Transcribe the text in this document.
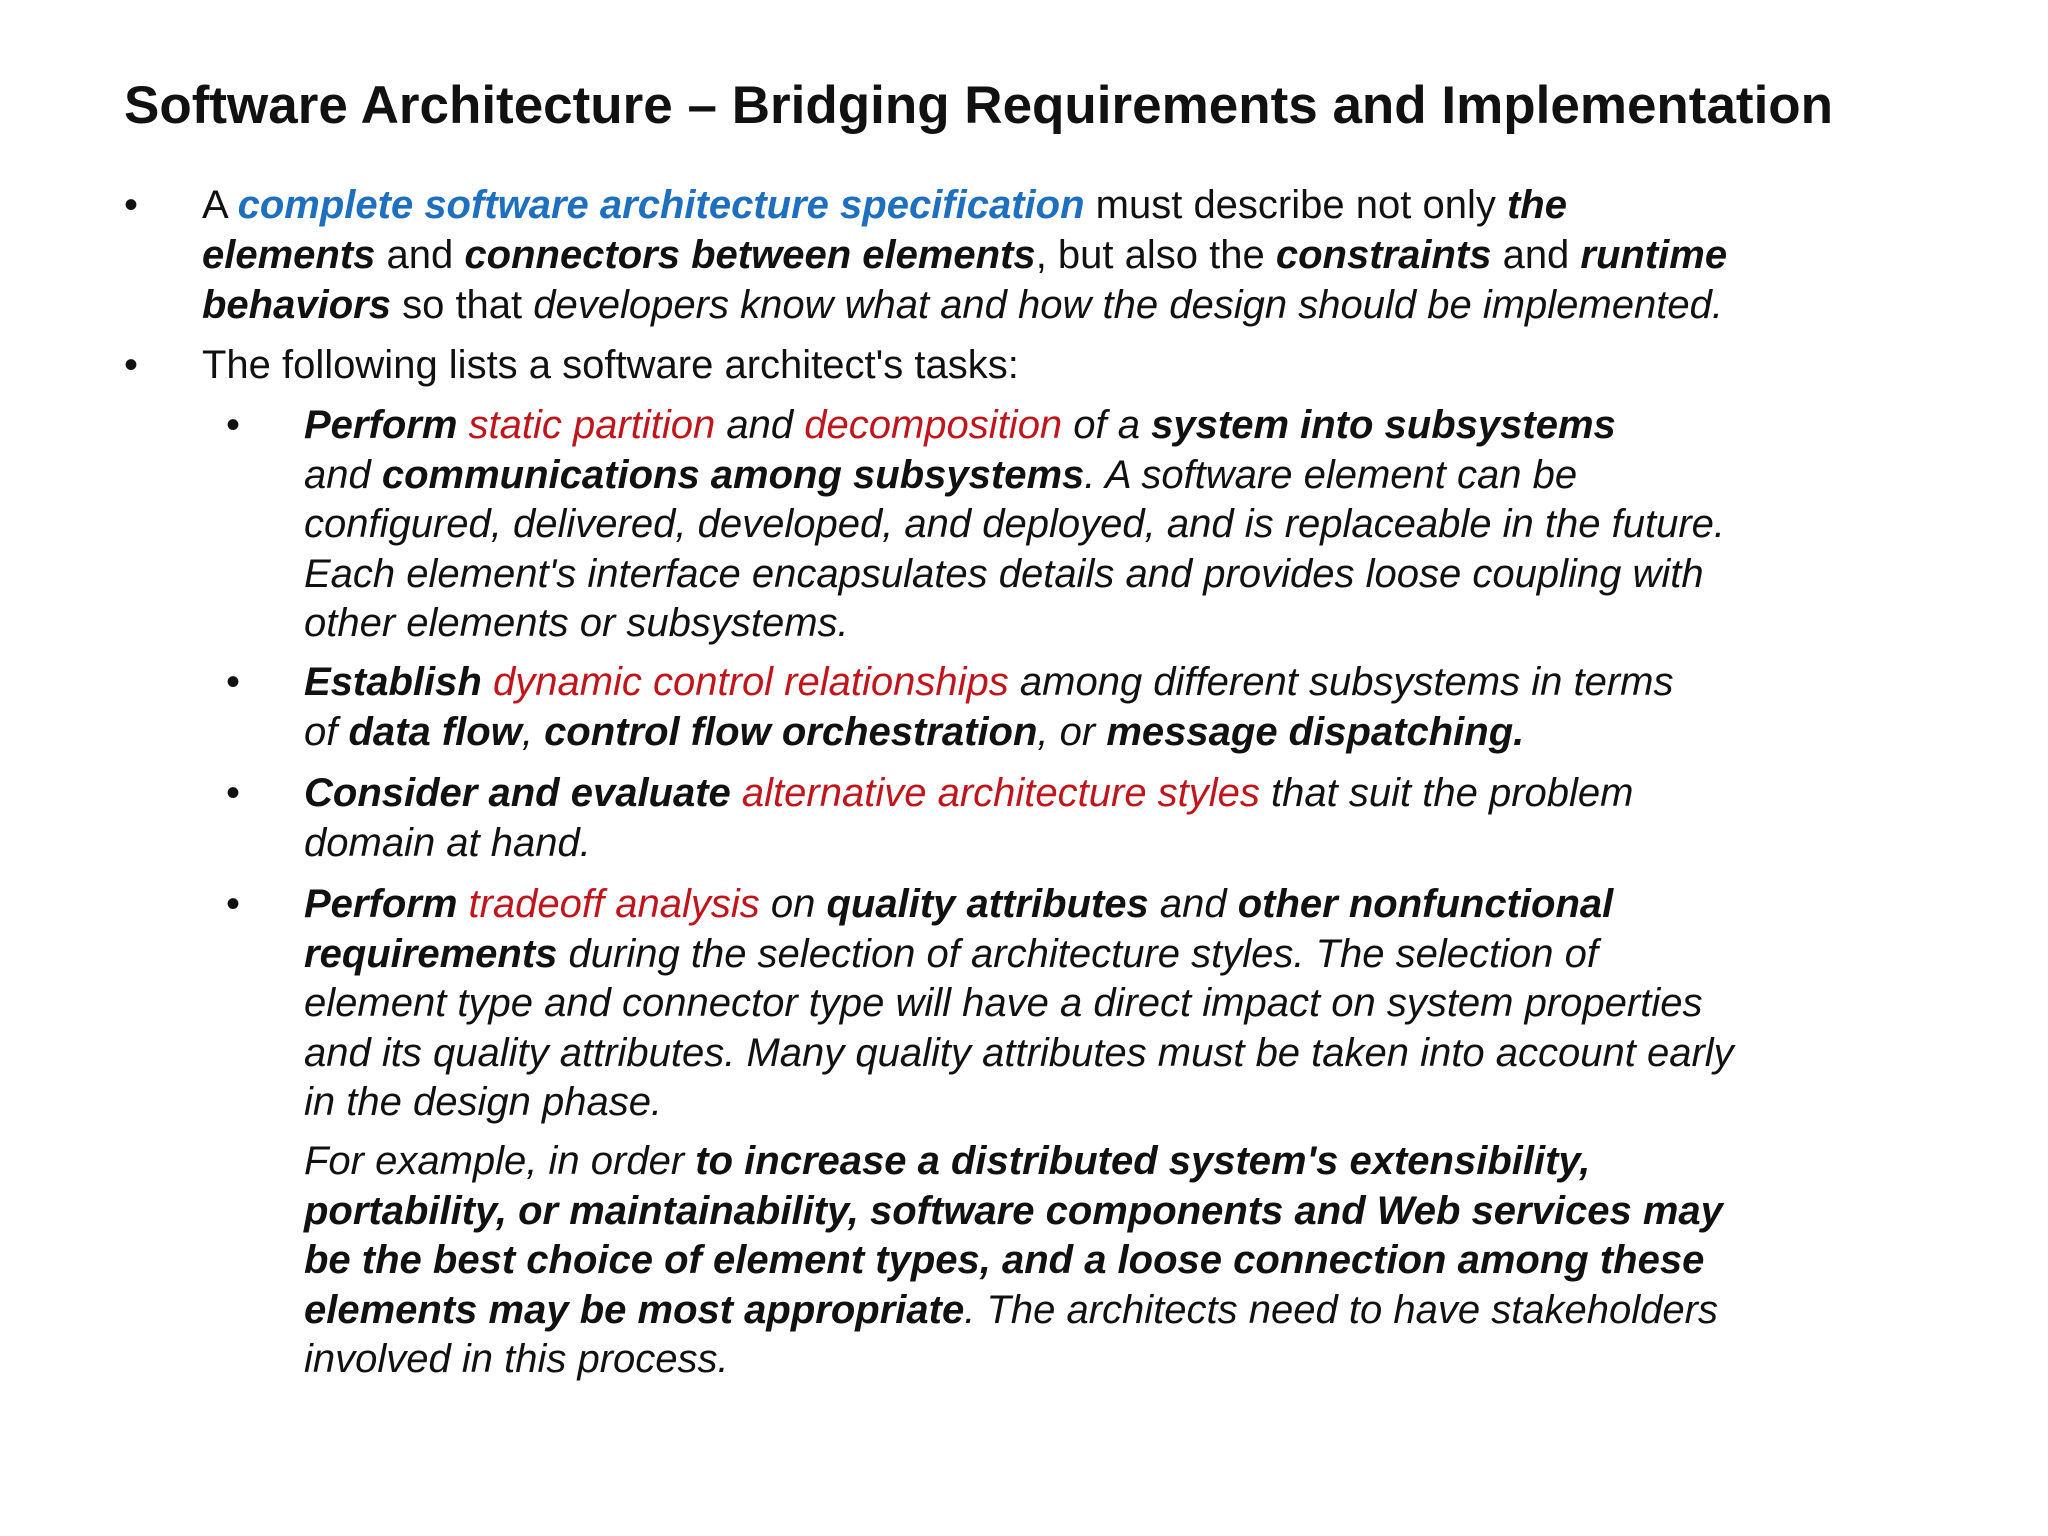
Software Architecture – Bridging Requirements and Implementation
• A complete software architecture specification must describe not only the
elements and connectors between elements, but also the constraints and runtime
behaviors so that developers know what and how the design should be implemented.
• The following lists a software architect's tasks:
• Perform static partition and decomposition of a system into subsystems
and communications among subsystems. A software element can be
configured, delivered, developed, and deployed, and is replaceable in the future.
Each element's interface encapsulates details and provides loose coupling with
other elements or subsystems.
• Establish dynamic control relationships among different subsystems in terms
of data flow, control flow orchestration, or message dispatching.
• Consider and evaluate alternative architecture styles that suit the problem
domain at hand.
• Perform tradeoff analysis on quality attributes and other nonfunctional
requirements during the selection of architecture styles. The selection of
element type and connector type will have a direct impact on system properties
and its quality attributes. Many quality attributes must be taken into account early
in the design phase.
For example, in order to increase a distributed system's extensibility,
portability, or maintainability, software components and Web services may
be the best choice of element types, and a loose connection among these
elements may be most appropriate. The architects need to have stakeholders
involved in this process.
